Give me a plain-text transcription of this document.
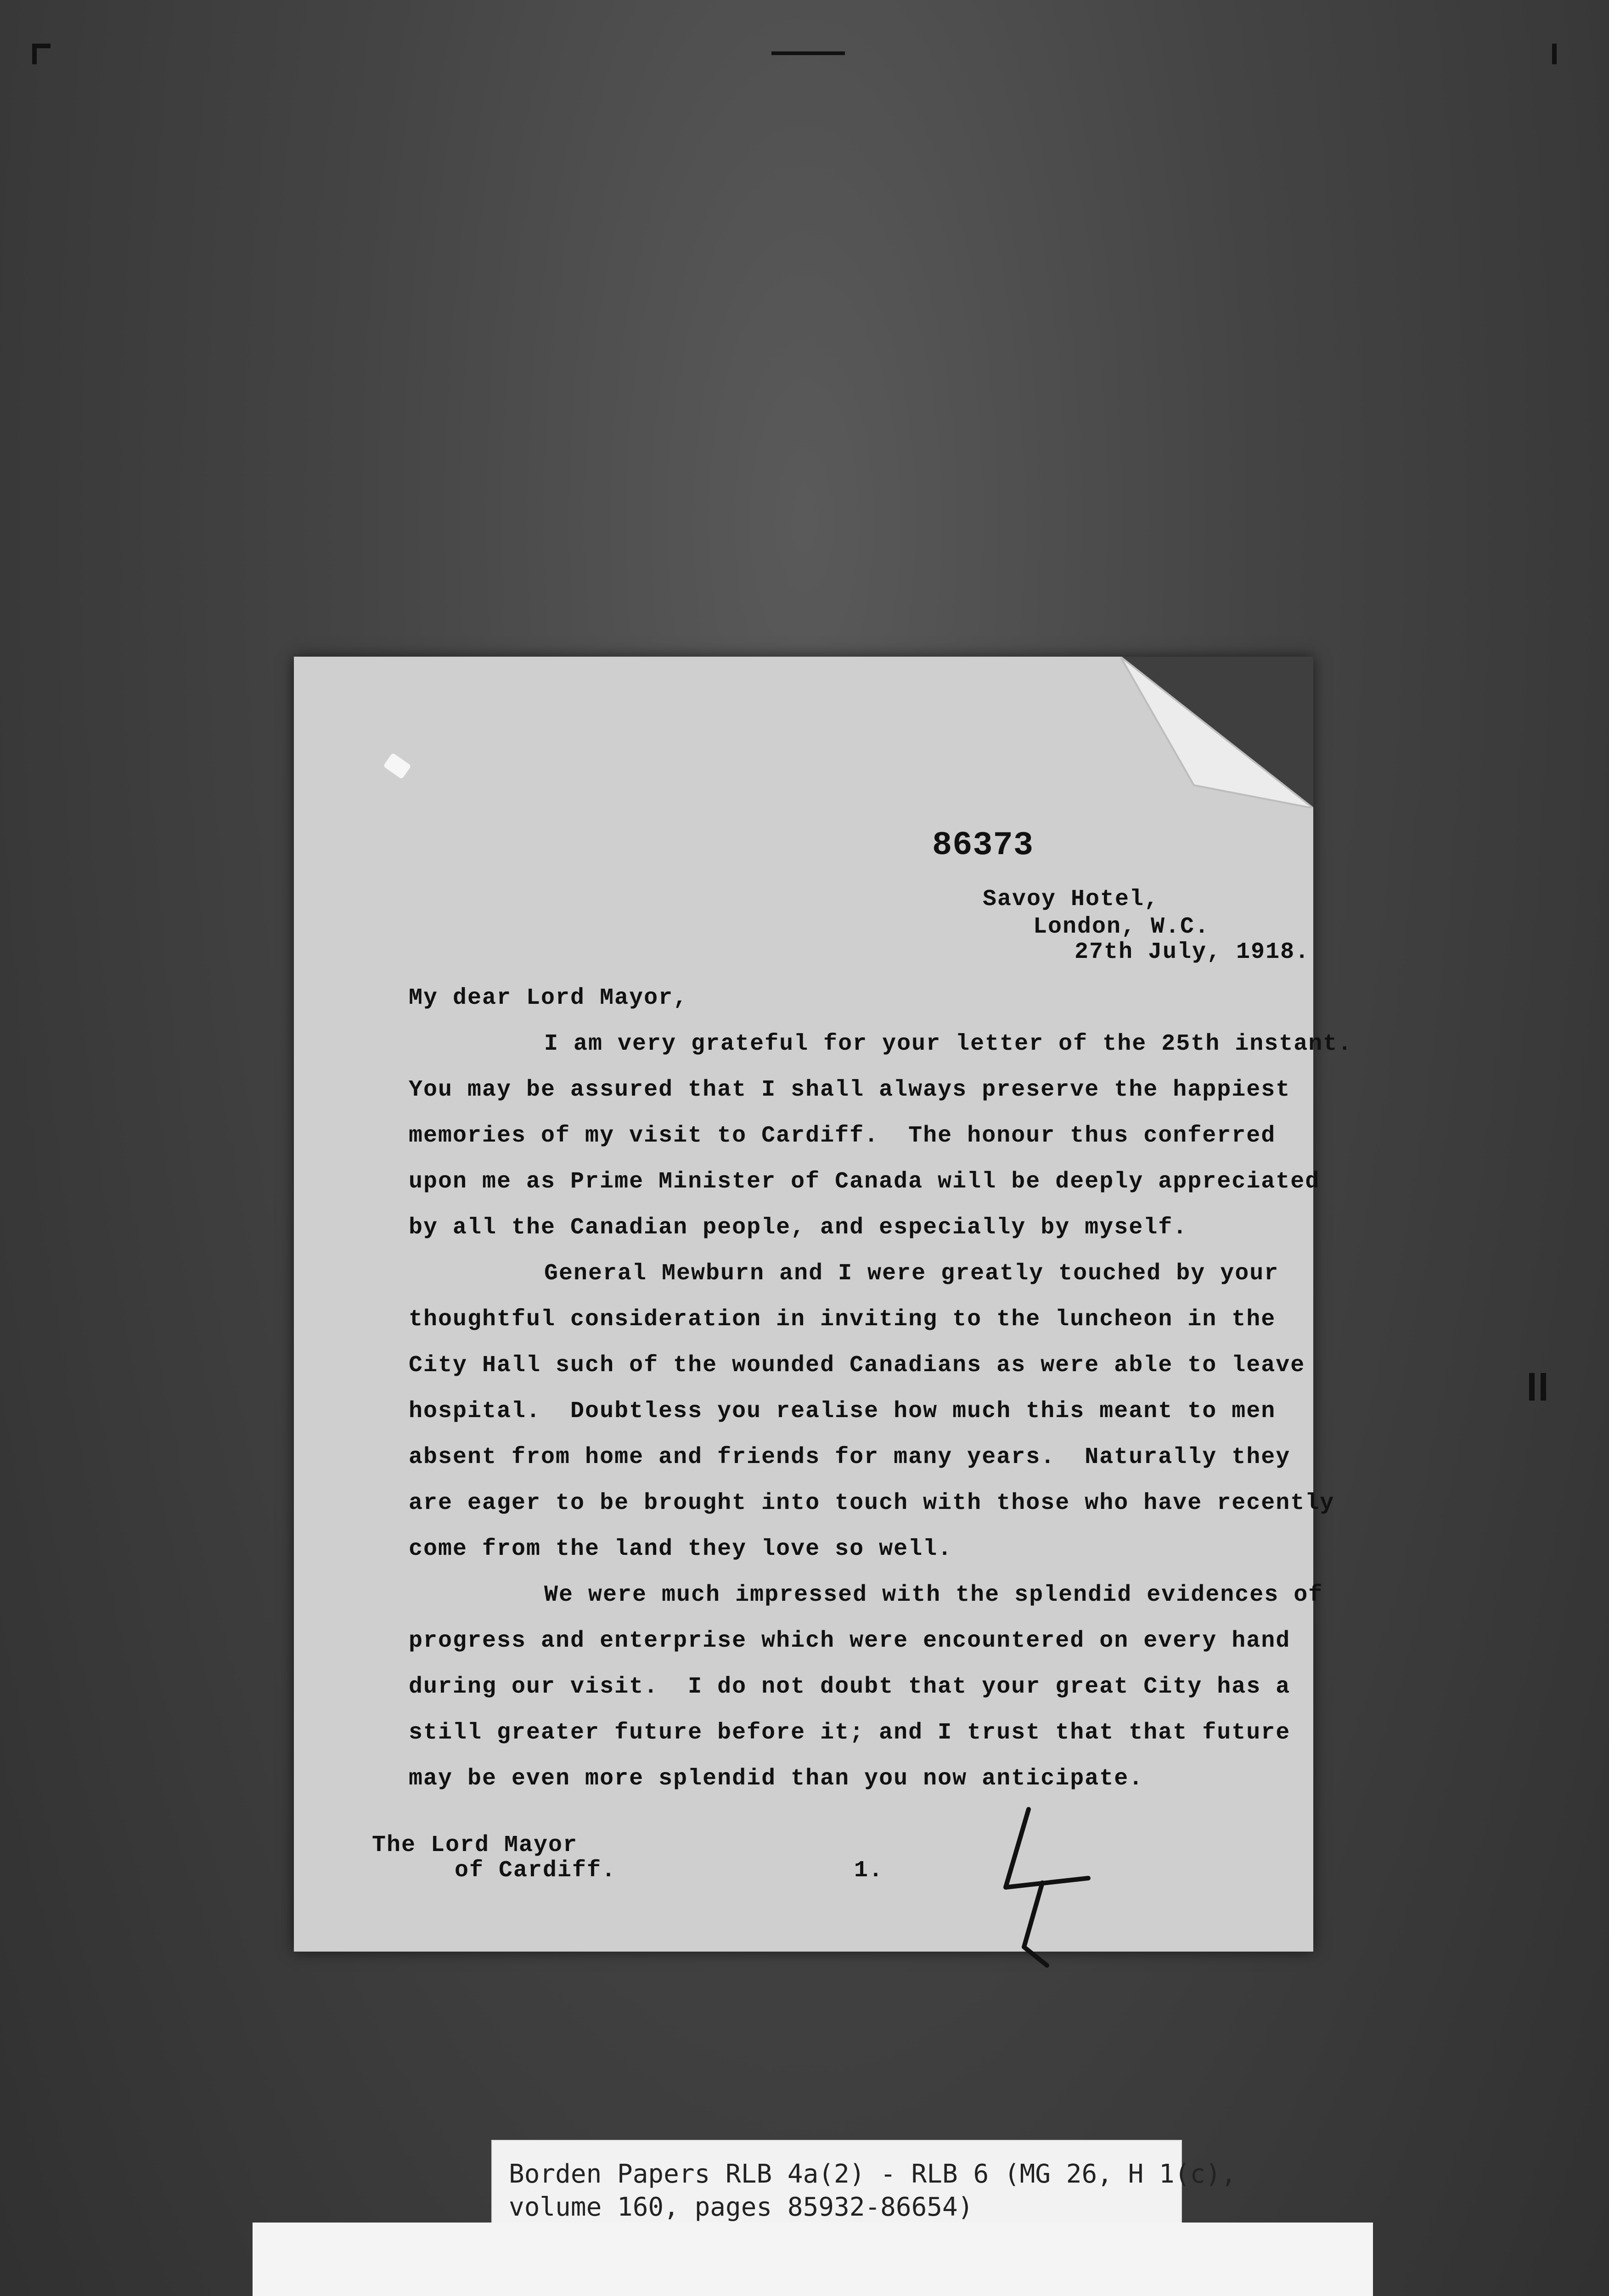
86373
Savoy Hotel,
London, W.C.
27th July, 1918.
My dear Lord Mayor,
I am very grateful for your letter of the 25th instant.
You may be assured that I shall always preserve the happiest
memories of my visit to Cardiff.  The honour thus conferred
upon me as Prime Minister of Canada will be deeply appreciated
by all the Canadian people, and especially by myself.
General Mewburn and I were greatly touched by your
thoughtful consideration in inviting to the luncheon in the
City Hall such of the wounded Canadians as were able to leave
hospital.  Doubtless you realise how much this meant to men
absent from home and friends for many years.  Naturally they
are eager to be brought into touch with those who have recently
come from the land they love so well.
We were much impressed with the splendid evidences of
progress and enterprise which were encountered on every hand
during our visit.  I do not doubt that your great City has a
still greater future before it; and I trust that that future
may be even more splendid than you now anticipate.
The Lord Mayor
of Cardiff.	1.
Borden Papers RLB 4a(2) - RLB 6 (MG 26, H 1(c),
volume 160, pages 85932-86654)
